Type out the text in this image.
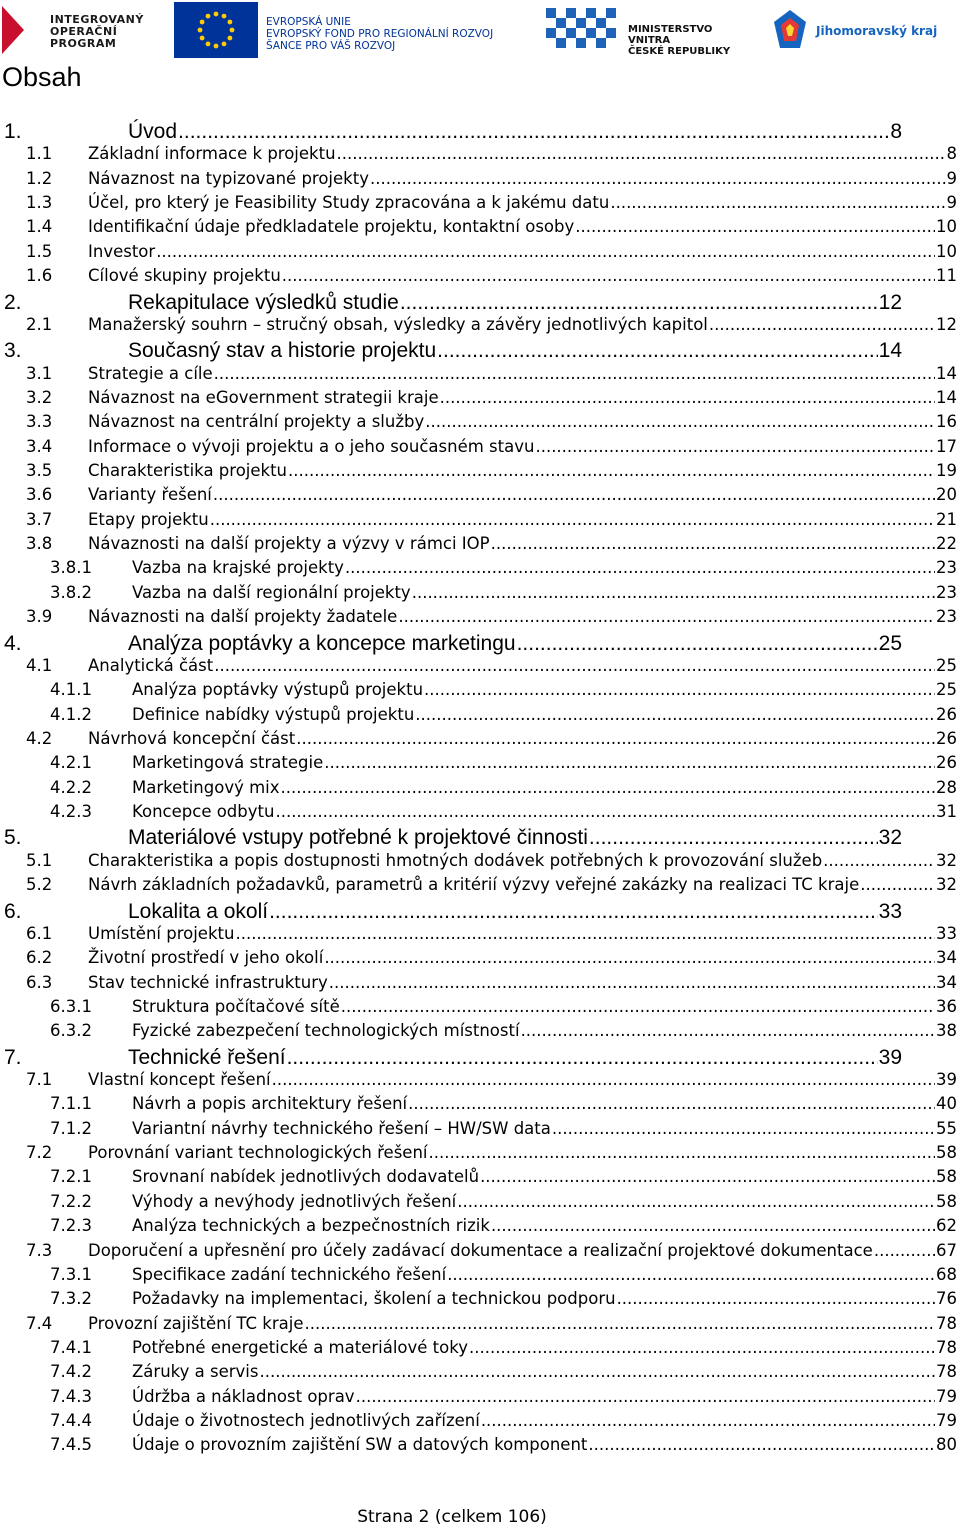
INTEGROVANÝ
OPERAČNÍ
PROGRAM
EVROPSKÁ UNIE
EVROPSKÝ FOND PRO REGIONÁLNÍ ROZVOJ
ŠANCE PRO VÁŠ ROZVOJ
MINISTERSTVO VNITRA
ČESKÉ REPUBLIKY
Jihomoravský kraj
Obsah
1.	Úvod .....	8
1.1	Základní informace k projektu .....	8
1.2	Návaznost na typizované projekty .....	9
1.3	Účel, pro který je Feasibility Study zpracována a k jakému datu .....	9
1.4	Identifikační údaje předkladatele projektu, kontaktní osoby .....	10
1.5	Investor .....	10
1.6	Cílové skupiny projektu .....	11
2.	Rekapitulace výsledků studie .....	12
2.1	Manažerský souhrn – stručný obsah, výsledky a závěry jednotlivých kapitol .....	12
3.	Současný stav a historie projektu .....	14
3.1	Strategie a cíle .....	14
3.2	Návaznost na eGovernment strategii kraje .....	14
3.3	Návaznost na centrální projekty a služby .....	16
3.4	Informace o vývoji projektu a o jeho současném stavu .....	17
3.5	Charakteristika projektu .....	19
3.6	Varianty řešení .....	20
3.7	Etapy projektu .....	21
3.8	Návaznosti na další projekty a výzvy v rámci IOP .....	22
3.8.1	Vazba na krajské projekty .....	23
3.8.2	Vazba na další regionální projekty .....	23
3.9	Návaznosti na další projekty žadatele .....	23
4.	Analýza poptávky a koncepce marketingu .....	25
4.1	Analytická část .....	25
4.1.1	Analýza poptávky výstupů projektu .....	25
4.1.2	Definice nabídky výstupů projektu .....	26
4.2	Návrhová koncepční část .....	26
4.2.1	Marketingová strategie .....	26
4.2.2	Marketingový mix .....	28
4.2.3	Koncepce odbytu .....	31
5.	Materiálové vstupy potřebné k projektové činnosti .....	32
5.1	Charakteristika a popis dostupnosti hmotných dodávek potřebných k provozování služeb .....	32
5.2	Návrh základních požadavků, parametrů a kritérií výzvy veřejné zakázky na realizaci TC kraje .....	32
6.	Lokalita a okolí .....	33
6.1	Umístění projektu .....	33
6.2	Životní prostředí v jeho okolí .....	34
6.3	Stav technické infrastruktury .....	34
6.3.1	Struktura počítačové sítě .....	36
6.3.2	Fyzické zabezpečení technologických místností .....	38
7.	Technické řešení .....	39
7.1	Vlastní koncept řešení .....	39
7.1.1	Návrh a popis architektury řešení .....	40
7.1.2	Variantní návrhy technického řešení – HW/SW data .....	55
7.2	Porovnání variant technologických řešení .....	58
7.2.1	Srovnaní nabídek jednotlivých dodavatelů .....	58
7.2.2	Výhody a nevýhody jednotlivých řešení .....	58
7.2.3	Analýza technických a bezpečnostních rizik .....	62
7.3	Doporučení a upřesnění pro účely zadávací dokumentace a realizační projektové dokumentace .....	67
7.3.1	Specifikace zadání technického řešení .....	68
7.3.2	Požadavky na implementaci, školení a technickou podporu .....	76
7.4	Provozní zajištění TC kraje .....	78
7.4.1	Potřebné energetické a materiálové toky .....	78
7.4.2	Záruky a servis .....	78
7.4.3	Údržba a nákladnost oprav .....	79
7.4.4	Údaje o životnostech jednotlivých zařízení .....	79
7.4.5	Údaje o provozním zajištění SW a datových komponent .....	80
Strana 2 (celkem 106)
